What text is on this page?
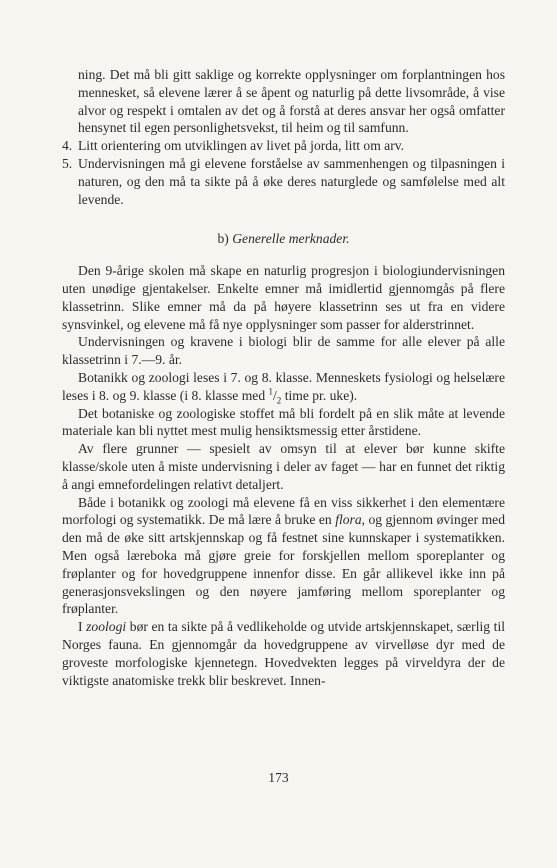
ning. Det må bli gitt saklige og korrekte opplysninger om forplantningen hos mennesket, så elevene lærer å se åpent og naturlig på dette livsområde, å vise alvor og respekt i omtalen av det og å forstå at deres ansvar her også omfatter hensynet til egen personlighetsvekst, til heim og til samfunn.

4. Litt orientering om utviklingen av livet på jorda, litt om arv.

5. Undervisningen må gi elevene forståelse av sammenhengen og tilpasningen i naturen, og den må ta sikte på å øke deres naturglede og samfølelse med alt levende.

b) Generelle merknader.

Den 9-årige skolen må skape en naturlig progresjon i biologiundervisningen uten unødige gjentakelser. Enkelte emner må imidlertid gjennomgås på flere klassetrinn. Slike emner må da på høyere klassetrinn ses ut fra en videre synsvinkel, og elevene må få nye opplysninger som passer for alderstrinnet.

Undervisningen og kravene i biologi blir de samme for alle elever på alle klassetrinn i 7.—9. år.

Botanikk og zoologi leses i 7. og 8. klasse. Menneskets fysiologi og helselære leses i 8. og 9. klasse (i 8. klasse med $^1/_2$ time pr. uke).

Det botaniske og zoologiske stoffet må bli fordelt på en slik måte at levende materiale kan bli nyttet mest mulig hensiktsmessig etter årstidene.

Av flere grunner — spesielt av omsyn til at elever bør kunne skifte klasse/skole uten å miste undervisning i deler av faget — har en funnet det riktig å angi emnefordelingen relativt detaljert.

Både i botanikk og zoologi må elevene få en viss sikkerhet i den elementære morfologi og systematikk. De må lære å bruke en flora, og gjennom øvinger med den må de øke sitt artskjennskap og få festnet sine kunnskaper i systematikken. Men også læreboka må gjøre greie for forskjellen mellom sporeplanter og frøplanter og for hovedgruppene innenfor disse. En går allikevel ikke inn på generasjonsvekslingen og den nøyere jamføring mellom sporeplanter og frøplanter.

I zoologi bør en ta sikte på å vedlikeholde og utvide artskjennskapet, særlig til Norges fauna. En gjennomgår da hovedgruppene av virvelløse dyr med de groveste morfologiske kjennetegn. Hovedvekten legges på virveldyra der de viktigste anatomiske trekk blir beskrevet. Innen-

173
